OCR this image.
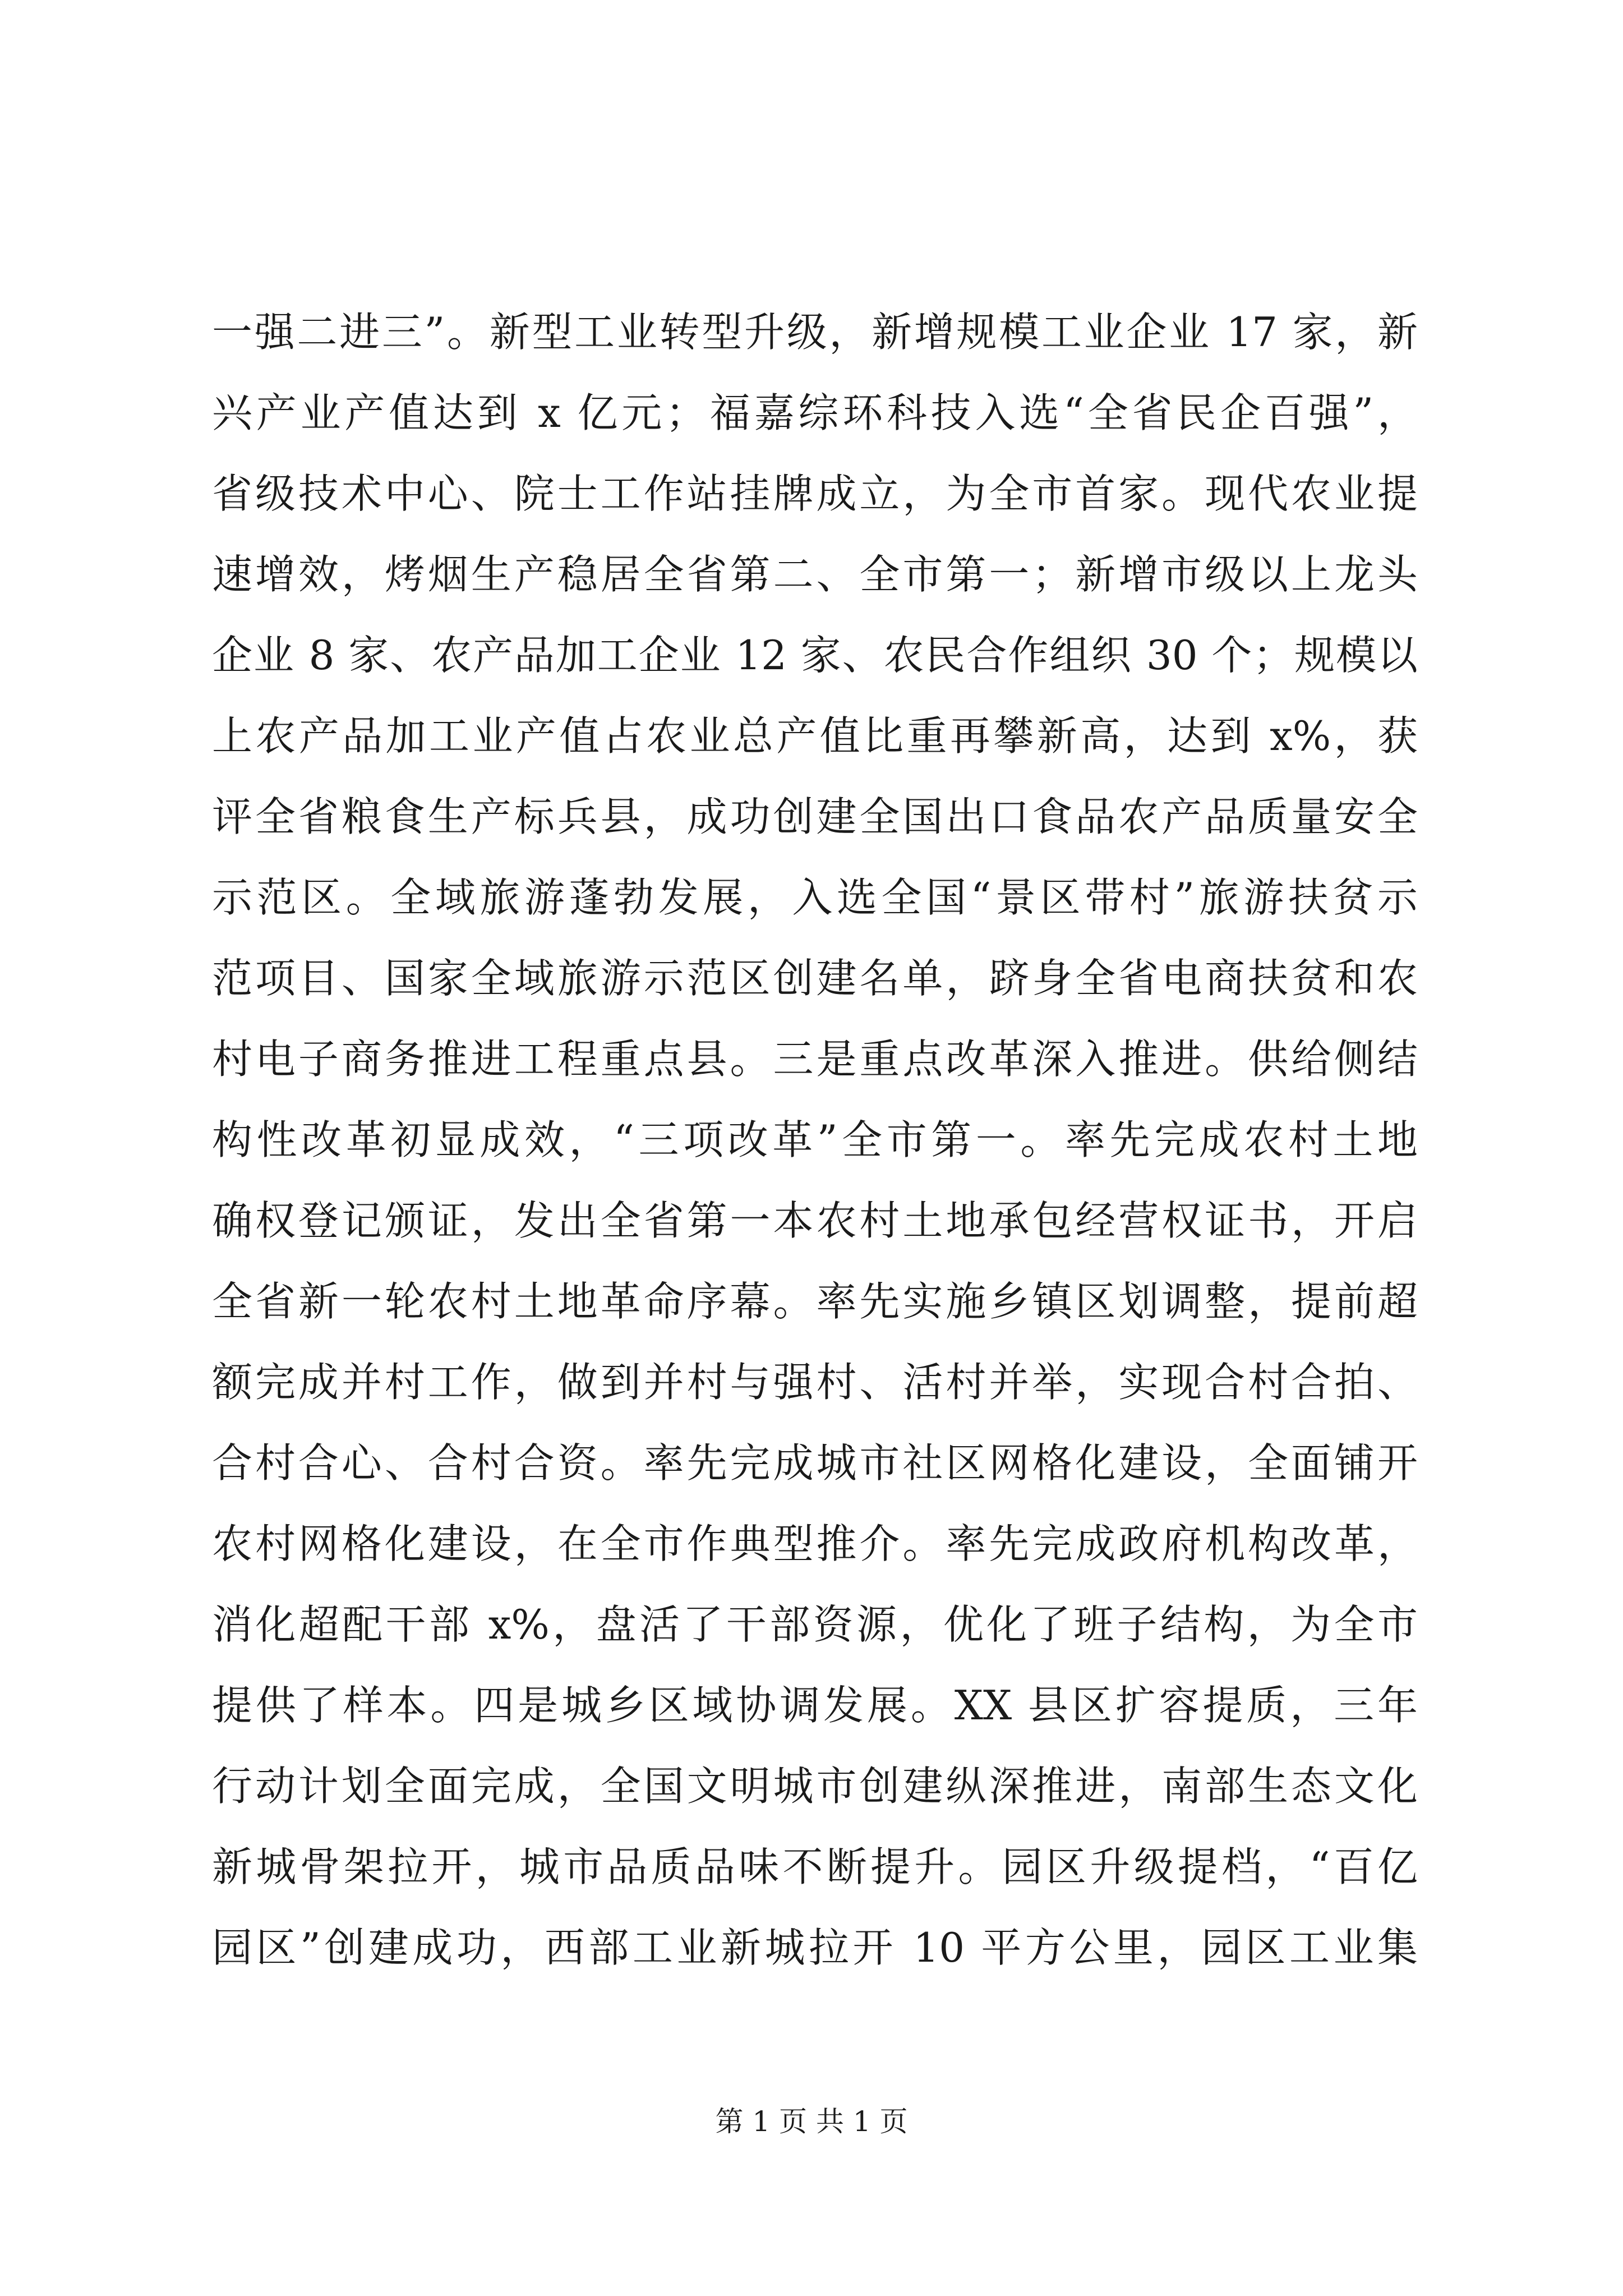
一强二进三”。新型工业转型升级，新增规模工业企业 17 家，新
兴产业产值达到 x 亿元；福嘉综环科技入选“全省民企百强”，
省级技术中心、院士工作站挂牌成立，为全市首家。现代农业提
速增效，烤烟生产稳居全省第二、全市第一；新增市级以上龙头
企业 8 家、农产品加工企业 12 家、农民合作组织 30 个；规模以
上农产品加工业产值占农业总产值比重再攀新高，达到 x%，获
评全省粮食生产标兵县，成功创建全国出口食品农产品质量安全
示范区。全域旅游蓬勃发展，入选全国“景区带村”旅游扶贫示
范项目、国家全域旅游示范区创建名单，跻身全省电商扶贫和农
村电子商务推进工程重点县。三是重点改革深入推进。供给侧结
构性改革初显成效，“三项改革”全市第一。率先完成农村土地
确权登记颁证，发出全省第一本农村土地承包经营权证书，开启
全省新一轮农村土地革命序幕。率先实施乡镇区划调整，提前超
额完成并村工作，做到并村与强村、活村并举，实现合村合拍、
合村合心、合村合资。率先完成城市社区网格化建设，全面铺开
农村网格化建设，在全市作典型推介。率先完成政府机构改革，
消化超配干部 x%，盘活了干部资源，优化了班子结构，为全市
提供了样本。四是城乡区域协调发展。XX 县区扩容提质，三年
行动计划全面完成，全国文明城市创建纵深推进，南部生态文化
新城骨架拉开，城市品质品味不断提升。园区升级提档，“百亿
园区”创建成功，西部工业新城拉开 10 平方公里，园区工业集
第 1 页 共 1 页
